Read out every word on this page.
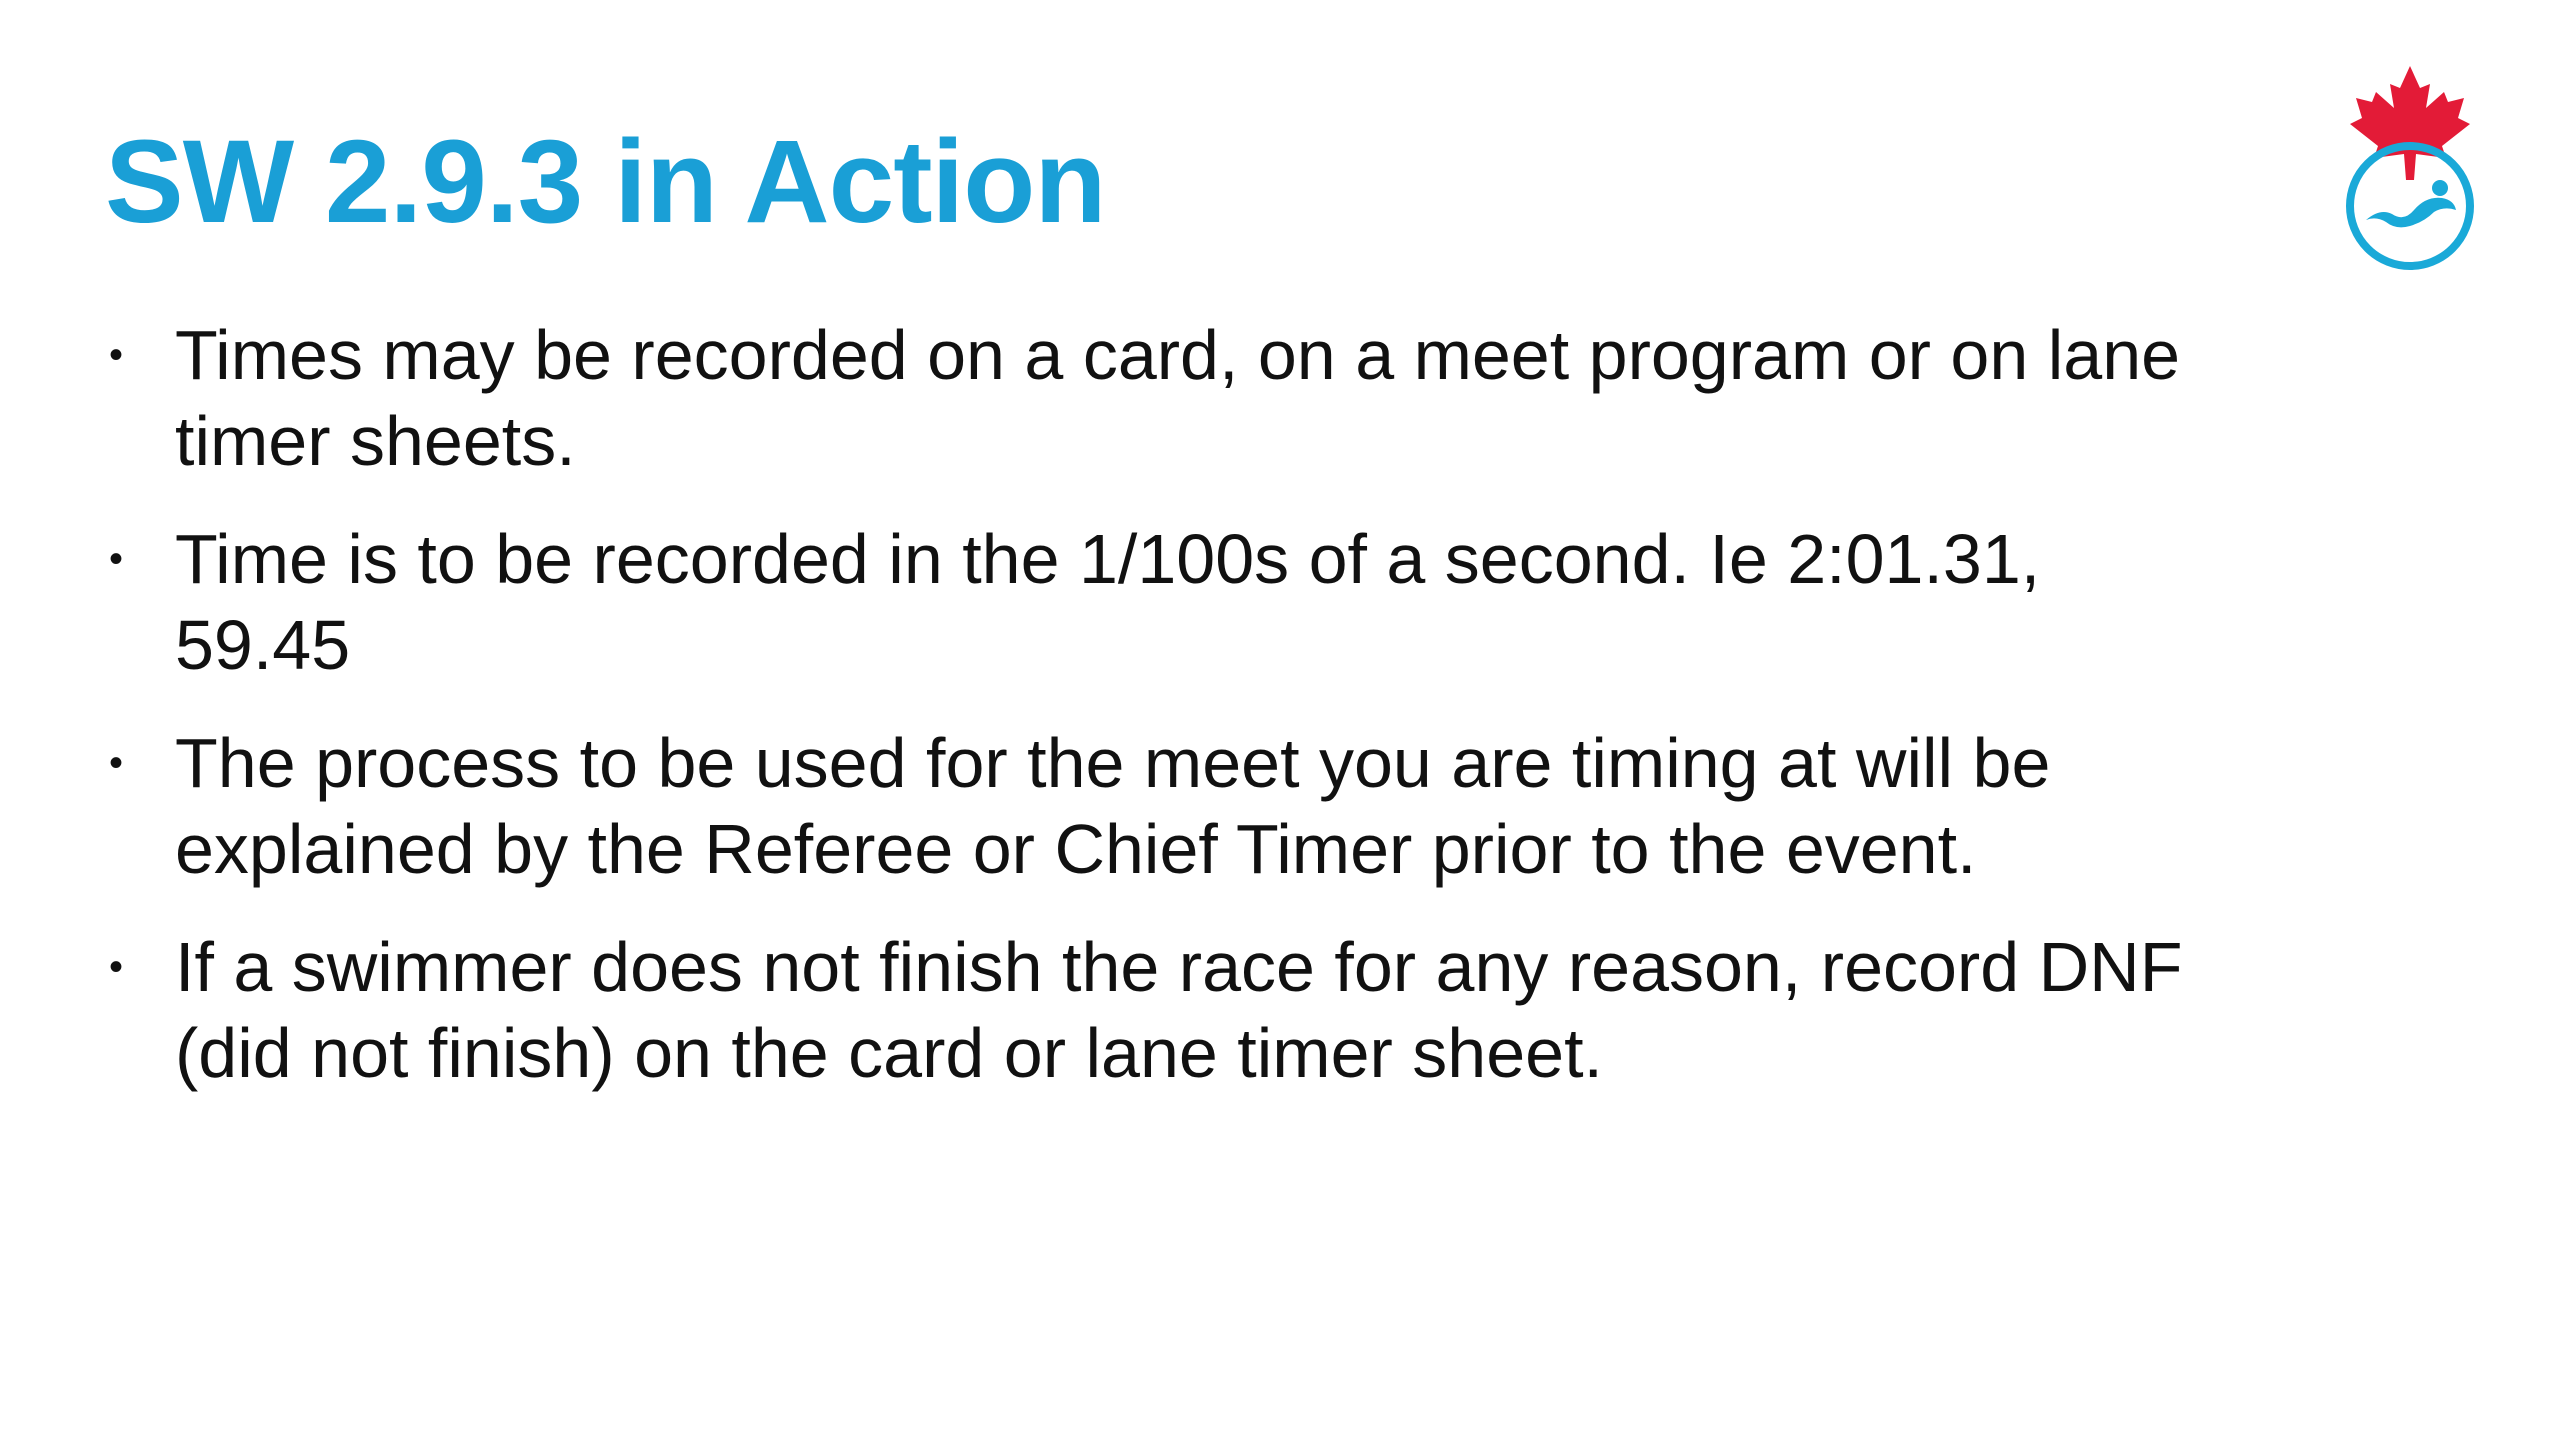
SW 2.9.3 in Action
• Times may be recorded on a card, on a meet program or on lane timer sheets.
• Time is to be recorded in the 1/100s of a second. Ie 2:01.31, 59.45
• The process to be used for the meet you are timing at will be explained by the Referee or Chief Timer prior to the event.
• If a swimmer does not finish the race for any reason, record DNF (did not finish) on the card or lane timer sheet.
